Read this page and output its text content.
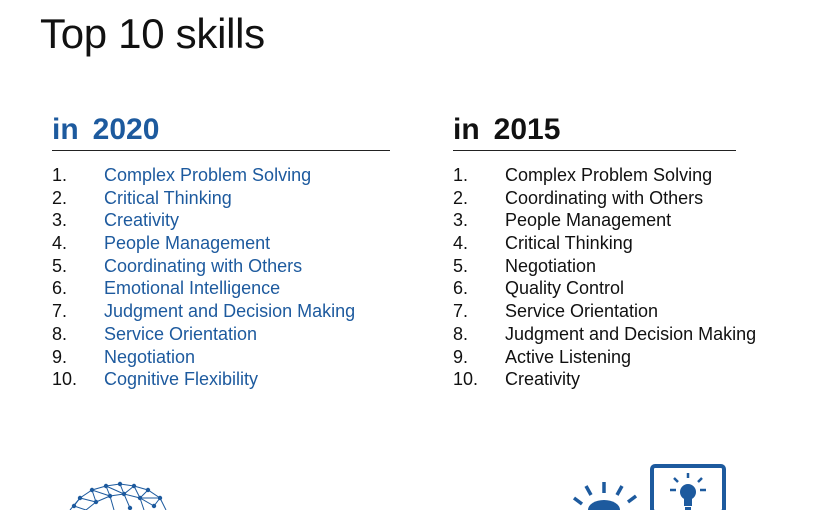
Top 10 skills
in 2020
1.	Complex Problem Solving
2.	Critical Thinking
3.	Creativity
4.	People Management
5.	Coordinating with Others
6.	Emotional Intelligence
7.	Judgment and Decision Making
8.	Service Orientation
9.	Negotiation
10.	Cognitive Flexibility
in 2015
1.	Complex Problem Solving
2.	Coordinating with Others
3.	People Management
4.	Critical Thinking
5.	Negotiation
6.	Quality Control
7.	Service Orientation
8.	Judgment and Decision Making
9.	Active Listening
10.	Creativity
